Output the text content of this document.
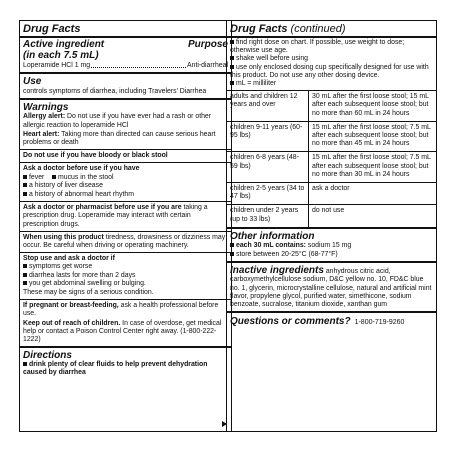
Drug Facts
Active ingredient	Purpose
(in each 7.5 mL)
Loperamide HCl 1 mg	Anti-diarrheal
Use
controls symptoms of diarrhea, including Travelers' Diarrhea
Warnings
Allergy alert: Do not use if you have ever had a rash or other allergic reaction to loperamide HCl
Heart alert: Taking more than directed can cause serious heart problems or death
Do not use if you have bloody or black stool
Ask a doctor before use if you have
fever mucus in the stool
a history of liver disease
a history of abnormal heart rhythm
Ask a doctor or pharmacist before use if you are taking a prescription drug. Loperamide may interact with certain prescription drugs.
When using this product tiredness, drowsiness or dizziness may occur. Be careful when driving or operating machinery.
Stop use and ask a doctor if
symptoms get worse
diarrhea lasts for more than 2 days
you get abdominal swelling or bulging.
These may be signs of a serious condition.
If pregnant or breast-feeding, ask a health professional before use.
Keep out of reach of children. In case of overdose, get medical help or contact a Poison Control Center right away. (1-800-222-1222)
Directions
drink plenty of clear fluids to help prevent dehydration caused by diarrhea
Drug Facts (continued)
find right dose on chart. If possible, use weight to dose; otherwise use age.
shake well before using
use only enclosed dosing cup specifically designed for use with this product. Do not use any other dosing device.
mL = milliliter
adults and children 12 years and over	30 mL after the first loose stool; 15 mL after each subsequent loose stool; but no more than 60 mL in 24 hours
children 9-11 years (60-95 lbs)	15 mL after the first loose stool; 7.5 mL after each subsequent loose stool; but no more than 45 mL in 24 hours
children 6-8 years (48-59 lbs)	15 mL after the first loose stool; 7.5 mL after each subsequent loose stool; but no more than 30 mL in 24 hours
children 2-5 years (34 to 47 lbs)	ask a doctor
children under 2 years (up to 33 lbs)	do not use
Other information
each 30 mL contains: sodium 15 mg
store between 20-25°C (68-77°F)
Inactive ingredients anhydrous citric acid, carboxymethylcellulose sodium, D&C yellow no. 10, FD&C blue no. 1, glycerin, microcrystalline cellulose, natural and artificial mint flavor, propylene glycol, purified water, simethicone, sodium benzoate, sucralose, titanium dioxide, xanthan gum
Questions or comments? 1-800-719-9260
